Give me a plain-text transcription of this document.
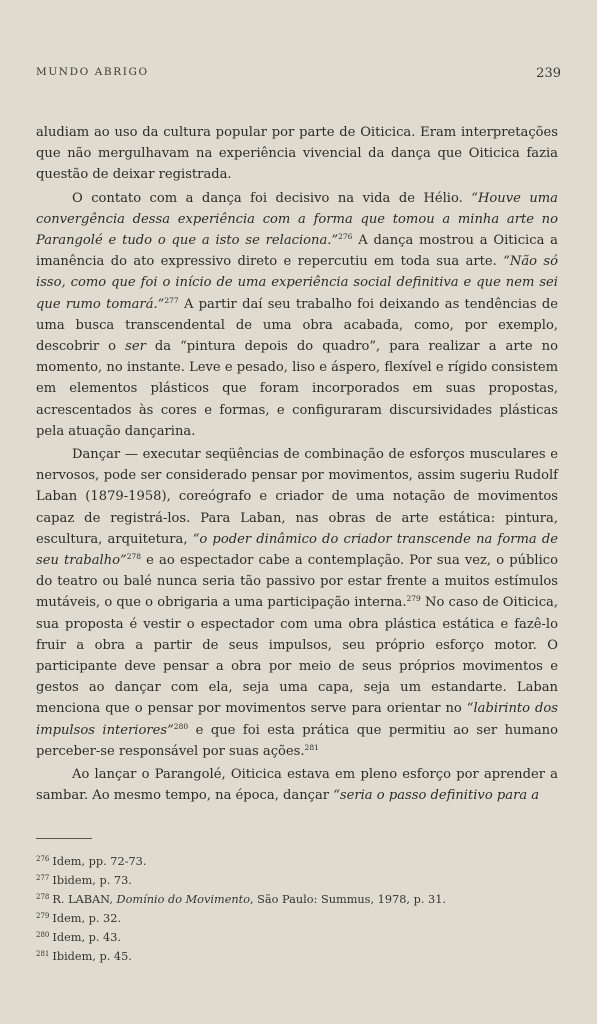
MUNDO ABRIGO	239

aludiam ao uso da cultura popular por parte de Oiticica. Eram interpretações que não mergulhavam na experiência vivencial da dança que Oiticica fazia questão de deixar registrada.

O contato com a dança foi decisivo na vida de Hélio. “Houve uma convergência dessa experiência com a forma que tomou a minha arte no Parangolé e tudo o que a isto se relaciona.”$^{276}$ A dança mostrou a Oiticica a imanência do ato expressivo direto e repercutiu em toda sua arte. “Não só isso, como que foi o início de uma experiência social definitiva e que nem sei que rumo tomará.”$^{277}$ A partir daí seu trabalho foi deixando as tendências de uma busca transcendental de uma obra acabada, como, por exemplo, descobrir o ser da “pintura depois do quadro”, para realizar a arte no momento, no instante. Leve e pesado, liso e áspero, flexível e rígido consistem em elementos plásticos que foram incorporados em suas propostas, acrescentados às cores e formas, e configuraram discursividades plásticas pela atuação dançarina.

Dançar — executar seqüências de combinação de esforços musculares e nervosos, pode ser considerado pensar por movimentos, assim sugeriu Rudolf Laban (1879-1958), coreógrafo e criador de uma notação de movimentos capaz de registrá-los. Para Laban, nas obras de arte estática: pintura, escultura, arquitetura, “o poder dinâmico do criador transcende na forma de seu trabalho”$^{278}$ e ao espectador cabe a contemplação. Por sua vez, o público do teatro ou balé nunca seria tão passivo por estar frente a muitos estímulos mutáveis, o que o obrigaria a uma participação interna.$^{279}$ No caso de Oiticica, sua proposta é vestir o espectador com uma obra plástica estática e fazê-lo fruir a obra a partir de seus impulsos, seu próprio esforço motor. O participante deve pensar a obra por meio de seus próprios movimentos e gestos ao dançar com ela, seja uma capa, seja um estandarte. Laban menciona que o pensar por movimentos serve para orientar no “labirinto dos impulsos interiores”$^{280}$ e que foi esta prática que permitiu ao ser humano perceber-se responsável por suas ações.$^{281}$

Ao lançar o Parangolé, Oiticica estava em pleno esforço por aprender a sambar. Ao mesmo tempo, na época, dançar “seria o passo definitivo para a

$^{276}$ Idem, pp. 72-73.
$^{277}$ Ibidem, p. 73.
$^{278}$ R. LABAN, Domínio do Movimento, São Paulo: Summus, 1978, p. 31.
$^{279}$ Idem, p. 32.
$^{280}$ Idem, p. 43.
$^{281}$ Ibidem, p. 45.
